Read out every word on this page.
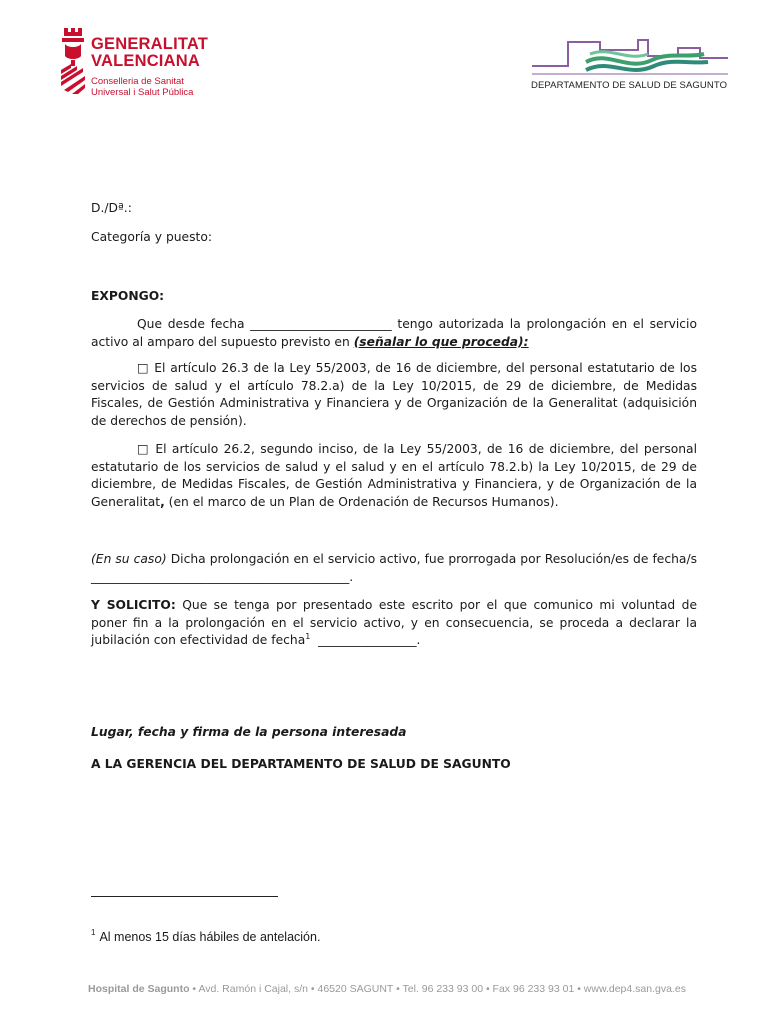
GENERALITAT
VALENCIANA
Conselleria de Sanitat
Universal i Salut Pública
DEPARTAMENTO DE SALUD DE SAGUNTO
D./Dª.:
Categoría y puesto:
EXPONGO:
Que desde fecha _______________________ tengo autorizada la prolongación en el servicio activo al amparo del supuesto previsto en (señalar lo que proceda):
□ El artículo 26.3 de la Ley 55/2003, de 16 de diciembre, del personal estatutario de los servicios de salud y el artículo 78.2.a) de la Ley 10/2015, de 29 de diciembre, de Medidas Fiscales, de Gestión Administrativa y Financiera y de Organización de la Generalitat (adquisición de derechos de pensión).
□ El artículo 26.2, segundo inciso, de la Ley 55/2003, de 16 de diciembre, del personal estatutario de los servicios de salud y el salud y en el artículo 78.2.b) la Ley 10/2015, de 29 de diciembre, de Medidas Fiscales, de Gestión Administrativa y Financiera, y de Organización de la Generalitat, (en el marco de un Plan de Ordenación de Recursos Humanos).
(En su caso) Dicha prolongación en el servicio activo, fue prorrogada por Resolución/es de fecha/s
__________________________________________.
Y SOLICITO: Que se tenga por presentado este escrito por el que comunico mi voluntad de poner fin a la prolongación en el servicio activo, y en consecuencia, se proceda a declarar la jubilación con efectividad de fecha$^1$  ________________.
Lugar, fecha y firma de la persona interesada
A LA GERENCIA DEL DEPARTAMENTO DE SALUD DE SAGUNTO
$^1$ Al menos 15 días hábiles de antelación.
Hospital de Sagunto • Avd. Ramón i Cajal, s/n • 46520 SAGUNT • Tel. 96 233 93 00 • Fax 96 233 93 01 • www.dep4.san.gva.es
